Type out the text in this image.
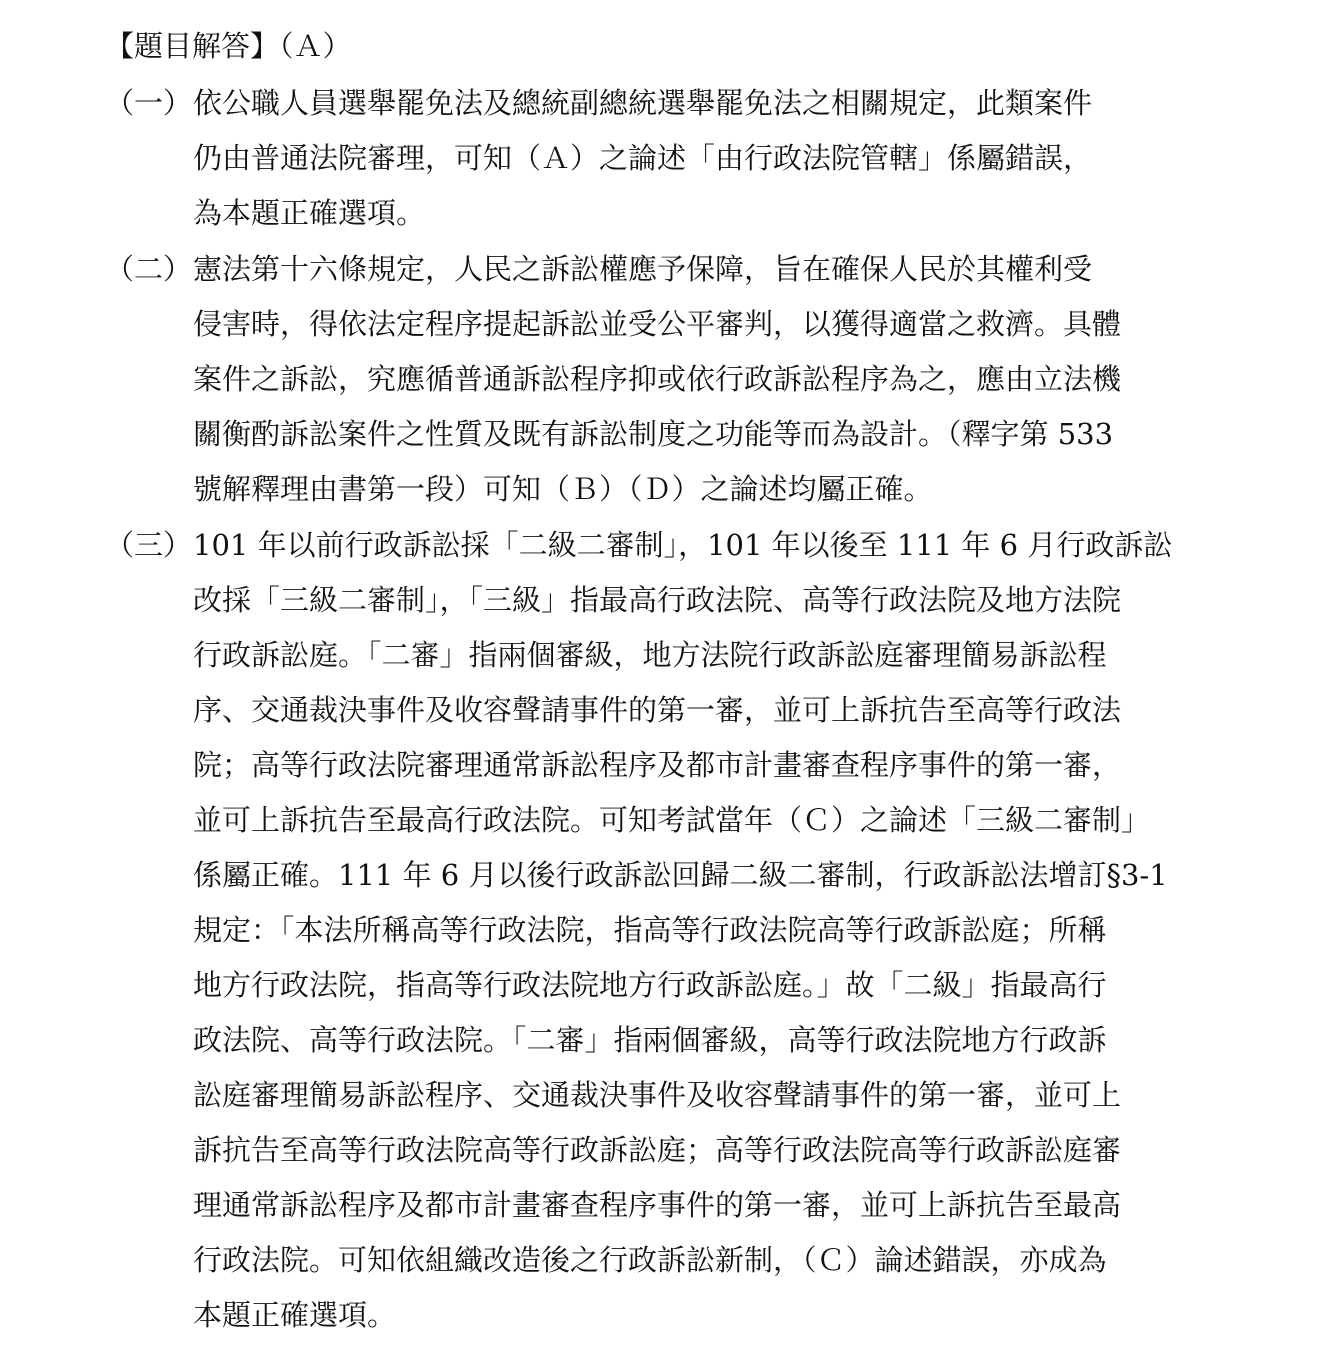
【題目解答】（Ａ）
（一） 依公職人員選舉罷免法及總統副總統選舉罷免法之相關規定，此類案件
仍由普通法院審理，可知（Ａ）之論述「由行政法院管轄」係屬錯誤，
為本題正確選項。
（二） 憲法第十六條規定，人民之訴訟權應予保障，旨在確保人民於其權利受
侵害時，得依法定程序提起訴訟並受公平審判，以獲得適當之救濟。具體
案件之訴訟，究應循普通訴訟程序抑或依行政訴訟程序為之，應由立法機
關衡酌訴訟案件之性質及既有訴訟制度之功能等而為設計。（釋字第 533
號解釋理由書第一段）可知（Ｂ）（Ｄ）之論述均屬正確。
（三） 101 年以前行政訴訟採「二級二審制」，101 年以後至 111 年 6 月行政訴訟
改採「三級二審制」，「三級」指最高行政法院、高等行政法院及地方法院
行政訴訟庭。「二審」指兩個審級，地方法院行政訴訟庭審理簡易訴訟程
序、交通裁決事件及收容聲請事件的第一審，並可上訴抗告至高等行政法
院；高等行政法院審理通常訴訟程序及都市計畫審查程序事件的第一審，
並可上訴抗告至最高行政法院。可知考試當年（Ｃ）之論述「三級二審制」
係屬正確。111 年 6 月以後行政訴訟回歸二級二審制，行政訴訟法增訂§3-1
規定：「本法所稱高等行政法院，指高等行政法院高等行政訴訟庭；所稱
地方行政法院，指高等行政法院地方行政訴訟庭。」故「二級」指最高行
政法院、高等行政法院。「二審」指兩個審級，高等行政法院地方行政訴
訟庭審理簡易訴訟程序、交通裁決事件及收容聲請事件的第一審，並可上
訴抗告至高等行政法院高等行政訴訟庭；高等行政法院高等行政訴訟庭審
理通常訴訟程序及都市計畫審查程序事件的第一審，並可上訴抗告至最高
行政法院。可知依組織改造後之行政訴訟新制，（Ｃ）論述錯誤，亦成為
本題正確選項。
